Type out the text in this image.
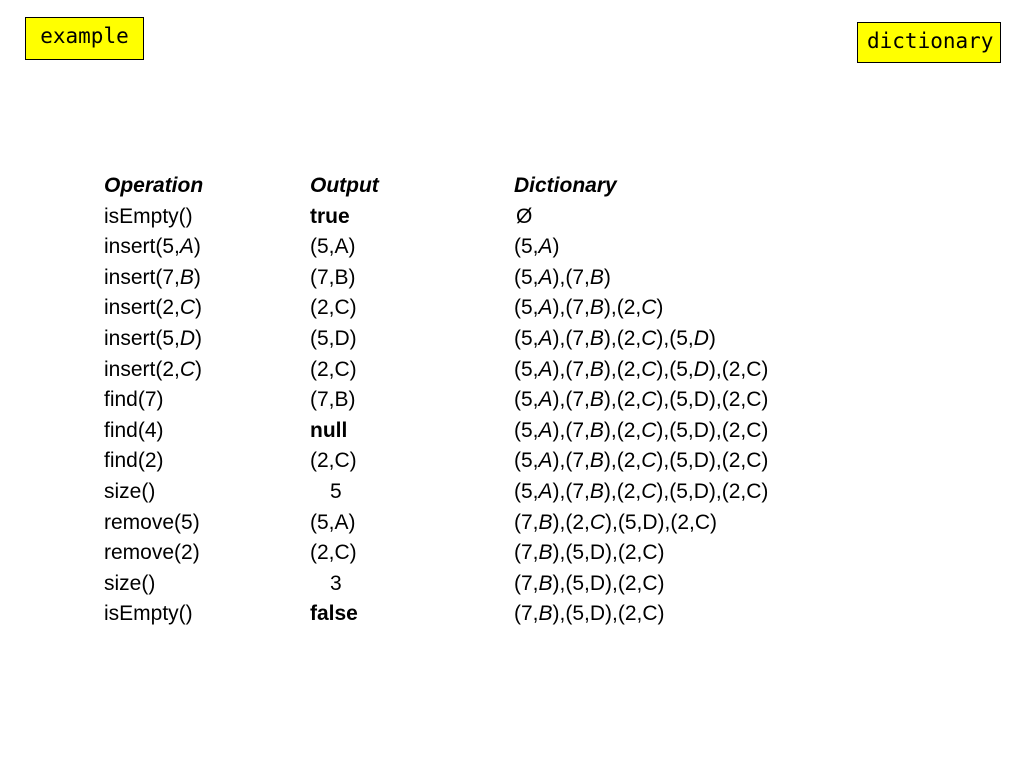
example	dictionary
Operation	Output	Dictionary
isEmpty()	true	Ø
insert(5,A)	(5,A)	(5,A)
insert(7,B)	(7,B)	(5,A),(7,B)
insert(2,C)	(2,C)	(5,A),(7,B),(2,C)
insert(5,D)	(5,D)	(5,A),(7,B),(2,C),(5,D)
insert(2,C)	(2,C)	(5,A),(7,B),(2,C),(5,D),(2,C)
find(7)	(7,B)	(5,A),(7,B),(2,C),(5,D),(2,C)
find(4)	null	(5,A),(7,B),(2,C),(5,D),(2,C)
find(2)	(2,C)	(5,A),(7,B),(2,C),(5,D),(2,C)
size()	5	(5,A),(7,B),(2,C),(5,D),(2,C)
remove(5)	(5,A)	(7,B),(2,C),(5,D),(2,C)
remove(2)	(2,C)	(7,B),(5,D),(2,C)
size()	3	(7,B),(5,D),(2,C)
isEmpty()	false	(7,B),(5,D),(2,C)
